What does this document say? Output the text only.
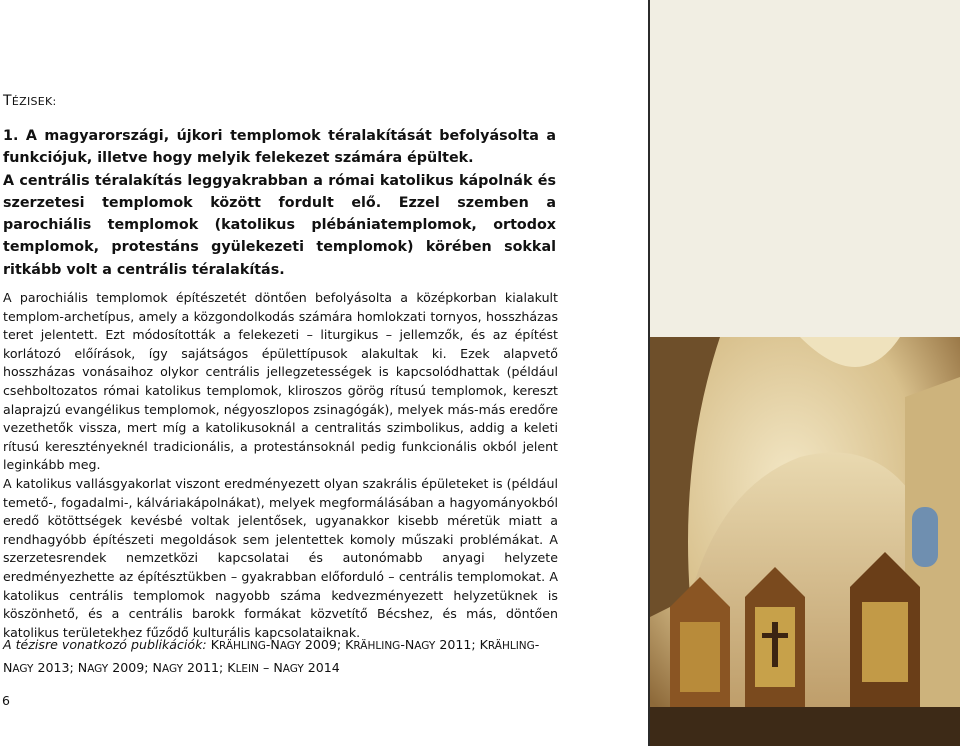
TÉZISEK:

1. A magyarországi, újkori templomok téralakítását befolyásolta a funkciójuk, illetve hogy melyik felekezet számára épültek.

A centrális téralakítás leggyakrabban a római katolikus kápolnák és szerzetesi templomok között fordult elő. Ezzel szemben a parochiális templomok (katolikus plébániatemplomok, ortodox templomok, protestáns gyülekezeti templomok) körében sokkal ritkább volt a centrális téralakítás.

A parochiális templomok építészetét döntően befolyásolta a középkorban kialakult templom-archetípus, amely a közgondolkodás számára homlokzati tornyos, hosszházas teret jelentett. Ezt módosították a felekezeti – liturgikus – jellemzők, és az építést korlátozó előírások, így sajátságos épülettípusok alakultak ki. Ezek alapvető hosszházas vonásaihoz olykor centrális jellegzetességek is kapcsolódhattak (például csehboltozatos római katolikus templomok, kliroszos görög rítusú templomok, kereszt alaprajzú evangélikus templomok, négyoszlopos zsinagógák), melyek más-más eredőre vezethetők vissza, mert míg a katolikusoknál a centralitás szimbolikus, addig a keleti rítusú keresztényeknél tradicionális, a protestánsoknál pedig funkcionális okból jelent leginkább meg.

A katolikus vallásgyakorlat viszont eredményezett olyan szakrális épületeket is (például temető-, fogadalmi-, kálváriakápolnákat), melyek megformálásában a hagyományokból eredő kötöttségek kevésbé voltak jelentősek, ugyanakkor kisebb méretük miatt a rendhagyóbb építészeti megoldások sem jelentettek komoly műszaki problémákat. A szerzetesrendek nemzetközi kapcsolatai és autonómabb anyagi helyzete eredményezhette az építésztükben – gyakrabban előforduló – centrális templomokat. A katolikus centrális templomok nagyobb száma kedvezményezett helyzetüknek is köszönhető, és a centrális barokk formákat közvetítő Bécshez, és más, döntően katolikus területekhez fűződő kulturális kapcsolataiknak.

A tézisre vonatkozó publikációk: KRÄHLING-NAGY 2009; KRÄHLING-NAGY 2011; KRÄHLING-NAGY 2013; NAGY 2009; NAGY 2011; KLEIN – NAGY 2014
6
